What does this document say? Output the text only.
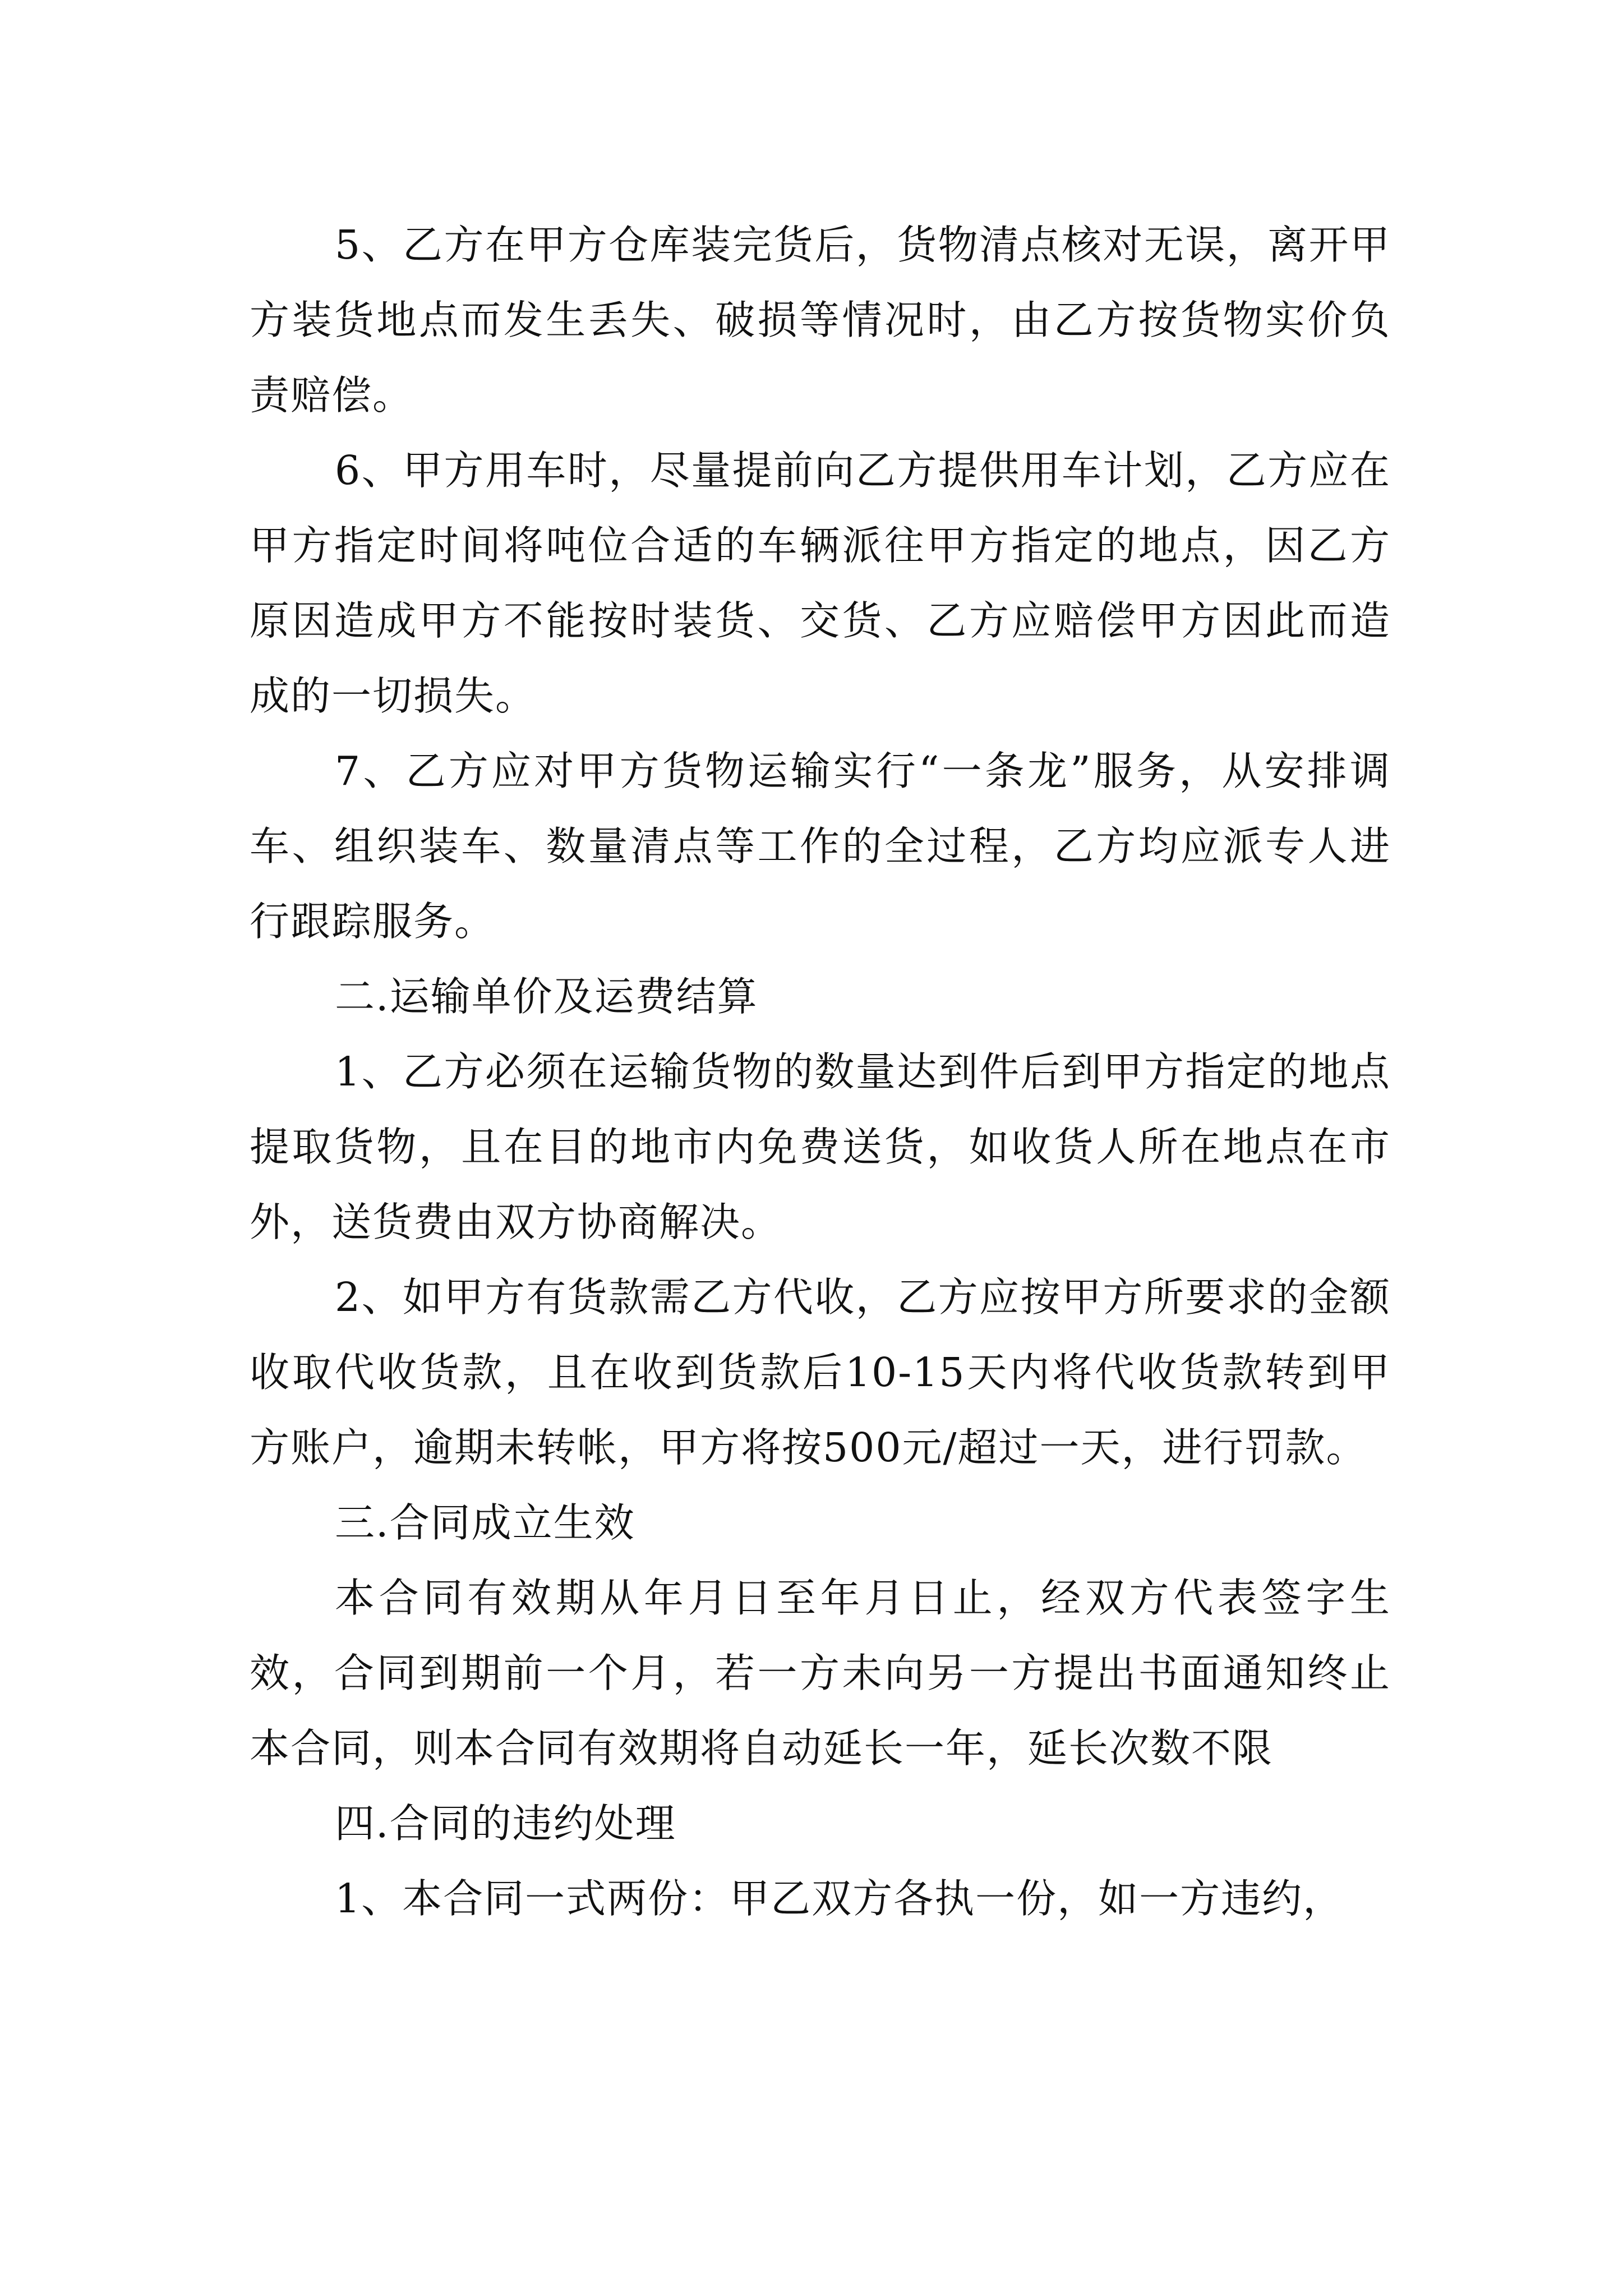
5、乙方在甲方仓库装完货后，货物清点核对无误，离开甲方装货地点而发生丢失、破损等情况时，由乙方按货物实价负责赔偿。

6、甲方用车时，尽量提前向乙方提供用车计划，乙方应在甲方指定时间将吨位合适的车辆派往甲方指定的地点，因乙方原因造成甲方不能按时装货、交货、乙方应赔偿甲方因此而造成的一切损失。

7、乙方应对甲方货物运输实行“一条龙”服务，从安排调车、组织装车、数量清点等工作的全过程，乙方均应派专人进行跟踪服务。

二.运输单价及运费结算

1、乙方必须在运输货物的数量达到件后到甲方指定的地点提取货物，且在目的地市内免费送货，如收货人所在地点在市外，送货费由双方协商解决。

2、如甲方有货款需乙方代收，乙方应按甲方所要求的金额收取代收货款，且在收到货款后10-15天内将代收货款转到甲方账户，逾期未转帐，甲方将按500元/超过一天，进行罚款。

三.合同成立生效

本合同有效期从年月日至年月日止，经双方代表签字生效，合同到期前一个月，若一方未向另一方提出书面通知终止本合同，则本合同有效期将自动延长一年，延长次数不限

四.合同的违约处理

1、本合同一式两份：甲乙双方各执一份，如一方违约，
